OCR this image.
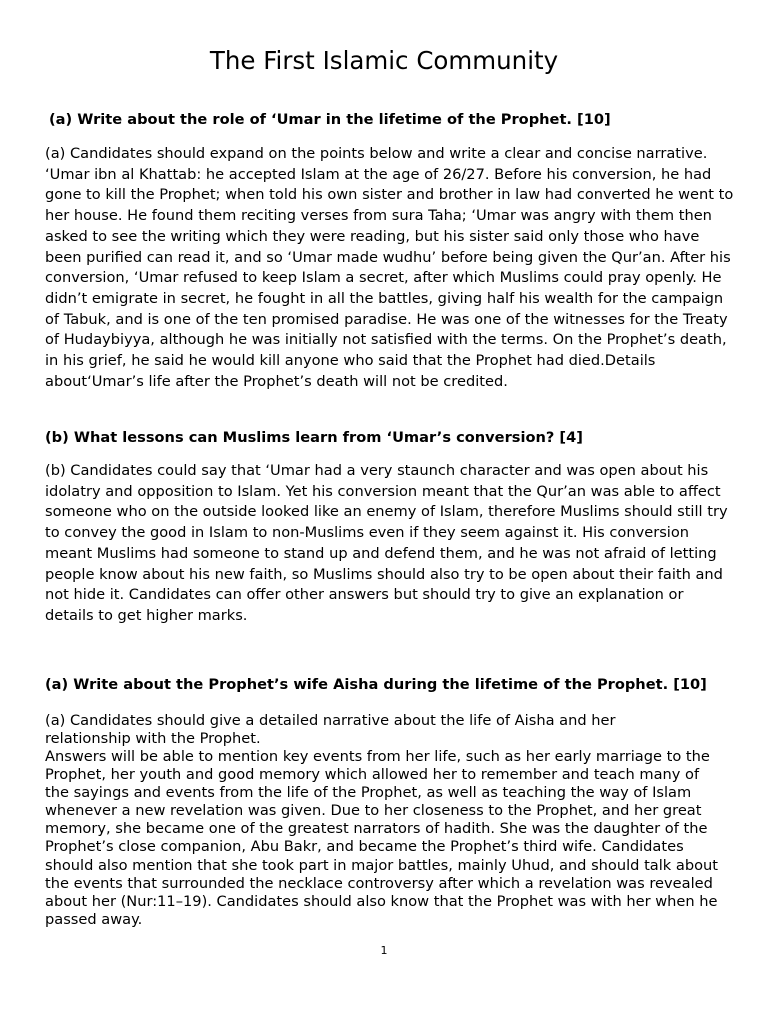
The First Islamic Community

(a) Write about the role of ‘Umar in the lifetime of the Prophet. [10]

(a) Candidates should expand on the points below and write a clear and concise narrative. ‘Umar ibn al Khattab: he accepted Islam at the age of 26/27. Before his conversion, he had gone to kill the Prophet; when told his own sister and brother in law had converted he went to her house. He found them reciting verses from sura Taha; ‘Umar was angry with them then asked to see the writing which they were reading, but his sister said only those who have been purified can read it, and so ‘Umar made wudhu’ before being given the Qur’an. After his conversion, ‘Umar refused to keep Islam a secret, after which Muslims could pray openly. He didn’t emigrate in secret, he fought in all the battles, giving half his wealth for the campaign of Tabuk, and is one of the ten promised paradise. He was one of the witnesses for the Treaty of Hudaybiyya, although he was initially not satisfied with the terms. On the Prophet’s death, in his grief, he said he would kill anyone who said that the Prophet had died.Details about‘Umar’s life after the Prophet’s death will not be credited.

(b) What lessons can Muslims learn from ‘Umar’s conversion? [4]

(b) Candidates could say that ‘Umar had a very staunch character and was open about his idolatry and opposition to Islam. Yet his conversion meant that the Qur’an was able to affect someone who on the outside looked like an enemy of Islam, therefore Muslims should still try to convey the good in Islam to non-Muslims even if they seem against it. His conversion meant Muslims had someone to stand up and defend them, and he was not afraid of letting people know about his new faith, so Muslims should also try to be open about their faith and not hide it. Candidates can offer other answers but should try to give an explanation or details to get higher marks.

(a) Write about the Prophet’s wife Aisha during the lifetime of the Prophet. [10]

(a) Candidates should give a detailed narrative about the life of Aisha and her relationship with the Prophet.

Answers will be able to mention key events from her life, such as her early marriage to the Prophet, her youth and good memory which allowed her to remember and teach many of the sayings and events from the life of the Prophet, as well as teaching the way of Islam whenever a new revelation was given. Due to her closeness to the Prophet, and her great memory, she became one of the greatest narrators of hadith. She was the daughter of the Prophet’s close companion, Abu Bakr, and became the Prophet’s third wife. Candidates should also mention that she took part in major battles, mainly Uhud, and should talk about the events that surrounded the necklace controversy after which a revelation was revealed about her (Nur:11–19). Candidates should also know that the Prophet was with her when he passed away.

1
